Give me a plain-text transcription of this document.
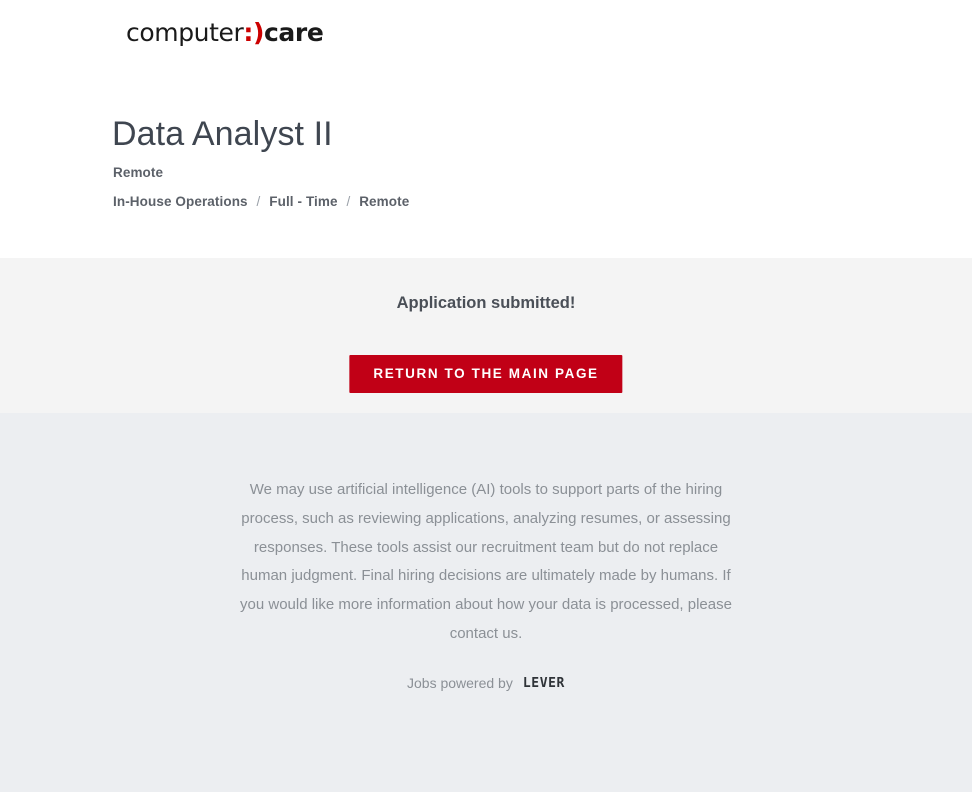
computer:)care
Data Analyst II
Remote
In-House Operations / Full - Time / Remote
Application submitted!
RETURN TO THE MAIN PAGE

We may use artificial intelligence (AI) tools to support parts of the hiring process, such as reviewing applications, analyzing resumes, or assessing responses. These tools assist our recruitment team but do not replace human judgment. Final hiring decisions are ultimately made by humans. If you would like more information about how your data is processed, please contact us.

Jobs powered by LEVER
